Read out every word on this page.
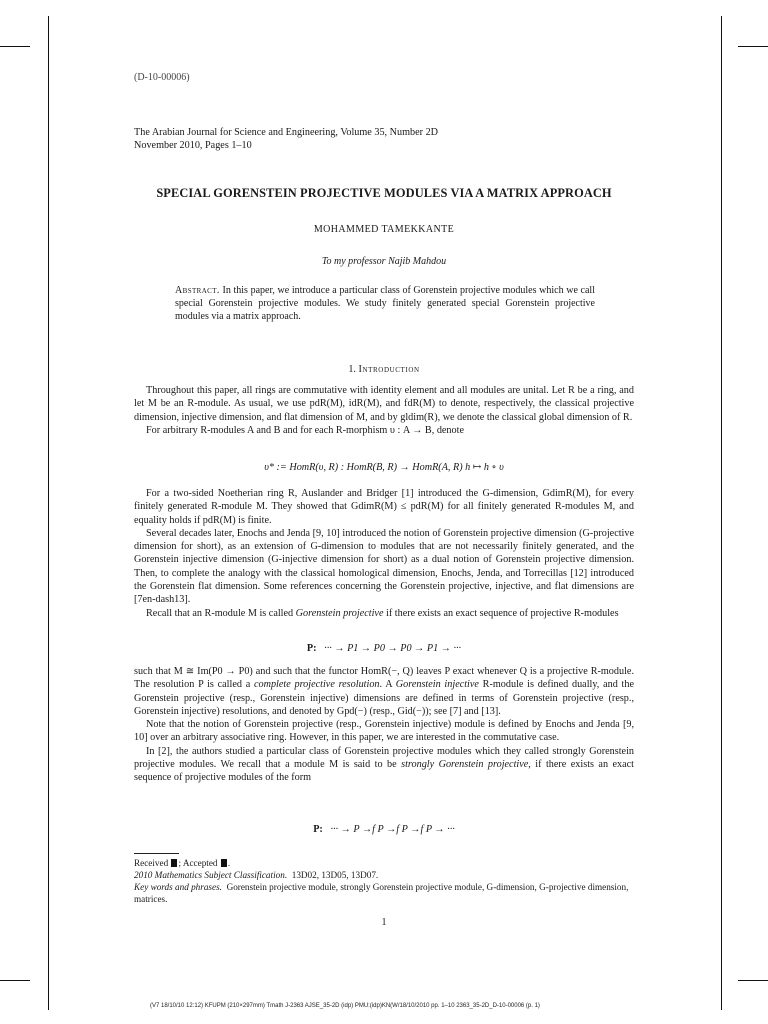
(D-10-00006)
The Arabian Journal for Science and Engineering, Volume 35, Number 2D
November 2010, Pages 1–10
SPECIAL GORENSTEIN PROJECTIVE MODULES VIA A MATRIX APPROACH
MOHAMMED TAMEKKANTE
To my professor Najib Mahdou
Abstract. In this paper, we introduce a particular class of Gorenstein projective modules which we call special Gorenstein projective modules. We study finitely generated special Gorenstein projective modules via a matrix approach.
1. Introduction

Throughout this paper, all rings are commutative with identity element and all modules are unital. Let R be a ring, and let M be an R-module. As usual, we use pdR(M), idR(M), and fdR(M) to denote, respectively, the classical projective dimension, injective dimension, and flat dimension of M, and by gldim(R), we denote the classical global dimension of R.

For arbitrary R-modules A and B and for each R-morphism υ : A → B, denote

υ* := HomR(υ, R) : HomR(B, R) → HomR(A, R) h ↦ h ∘ υ

For a two-sided Noetherian ring R, Auslander and Bridger [1] introduced the G-dimension, GdimR(M), for every finitely generated R-module M. They showed that GdimR(M) ≤ pdR(M) for all finitely generated R-modules M, and equality holds if pdR(M) is finite.

Several decades later, Enochs and Jenda [9, 10] introduced the notion of Gorenstein projective dimension (G-projective dimension for short), as an extension of G-dimension to modules that are not necessarily finitely generated, and the Gorenstein injective dimension (G-injective dimension for short) as a dual notion of Gorenstein projective dimension. Then, to complete the analogy with the classical homological dimension, Enochs, Jenda, and Torrecillas [12] introduced the Gorenstein flat dimension. Some references concerning the Gorenstein projective, injective, and flat dimensions are [7en-dash13].

Recall that an R-module M is called Gorenstein projective if there exists an exact sequence of projective R-modules

P: ··· → P1 → P0 → P0 → P1 → ···

such that M ≅ Im(P0 → P0) and such that the functor HomR(−, Q) leaves P exact whenever Q is a projective R-module. The resolution P is called a complete projective resolution. A Gorenstein injective R-module is defined dually, and the Gorenstein projective (resp., Gorenstein injective) dimensions are defined in terms of Gorenstein projective (resp., Gorenstein injective) resolutions, and denoted by Gpd(−) (resp., Gid(−)); see [7] and [13].

Note that the notion of Gorenstein projective (resp., Gorenstein injective) module is defined by Enochs and Jenda [9, 10] over an arbitrary associative ring. However, in this paper, we are interested in the commutative case.

In [2], the authors studied a particular class of Gorenstein projective modules which they called strongly Gorenstein projective modules. We recall that a module M is said to be strongly Gorenstein projective, if there exists an exact sequence of projective modules of the form

P: ··· → P →f P →f P →f P → ···
Received ; Accepted .
2010 Mathematics Subject Classification. 13D02, 13D05, 13D07.
Key words and phrases. Gorenstein projective module, strongly Gorenstein projective module, G-dimension, G-projective dimension, matrices.
1
(V7 18/10/10 12:12) KFUPM (210×297mm) Tmath J-2363 AJSE_35-2D (idp) PMU:(idp)KN(W/18/10/2010 pp. 1–10 2363_35-2D_D-10-00006 (p. 1)
